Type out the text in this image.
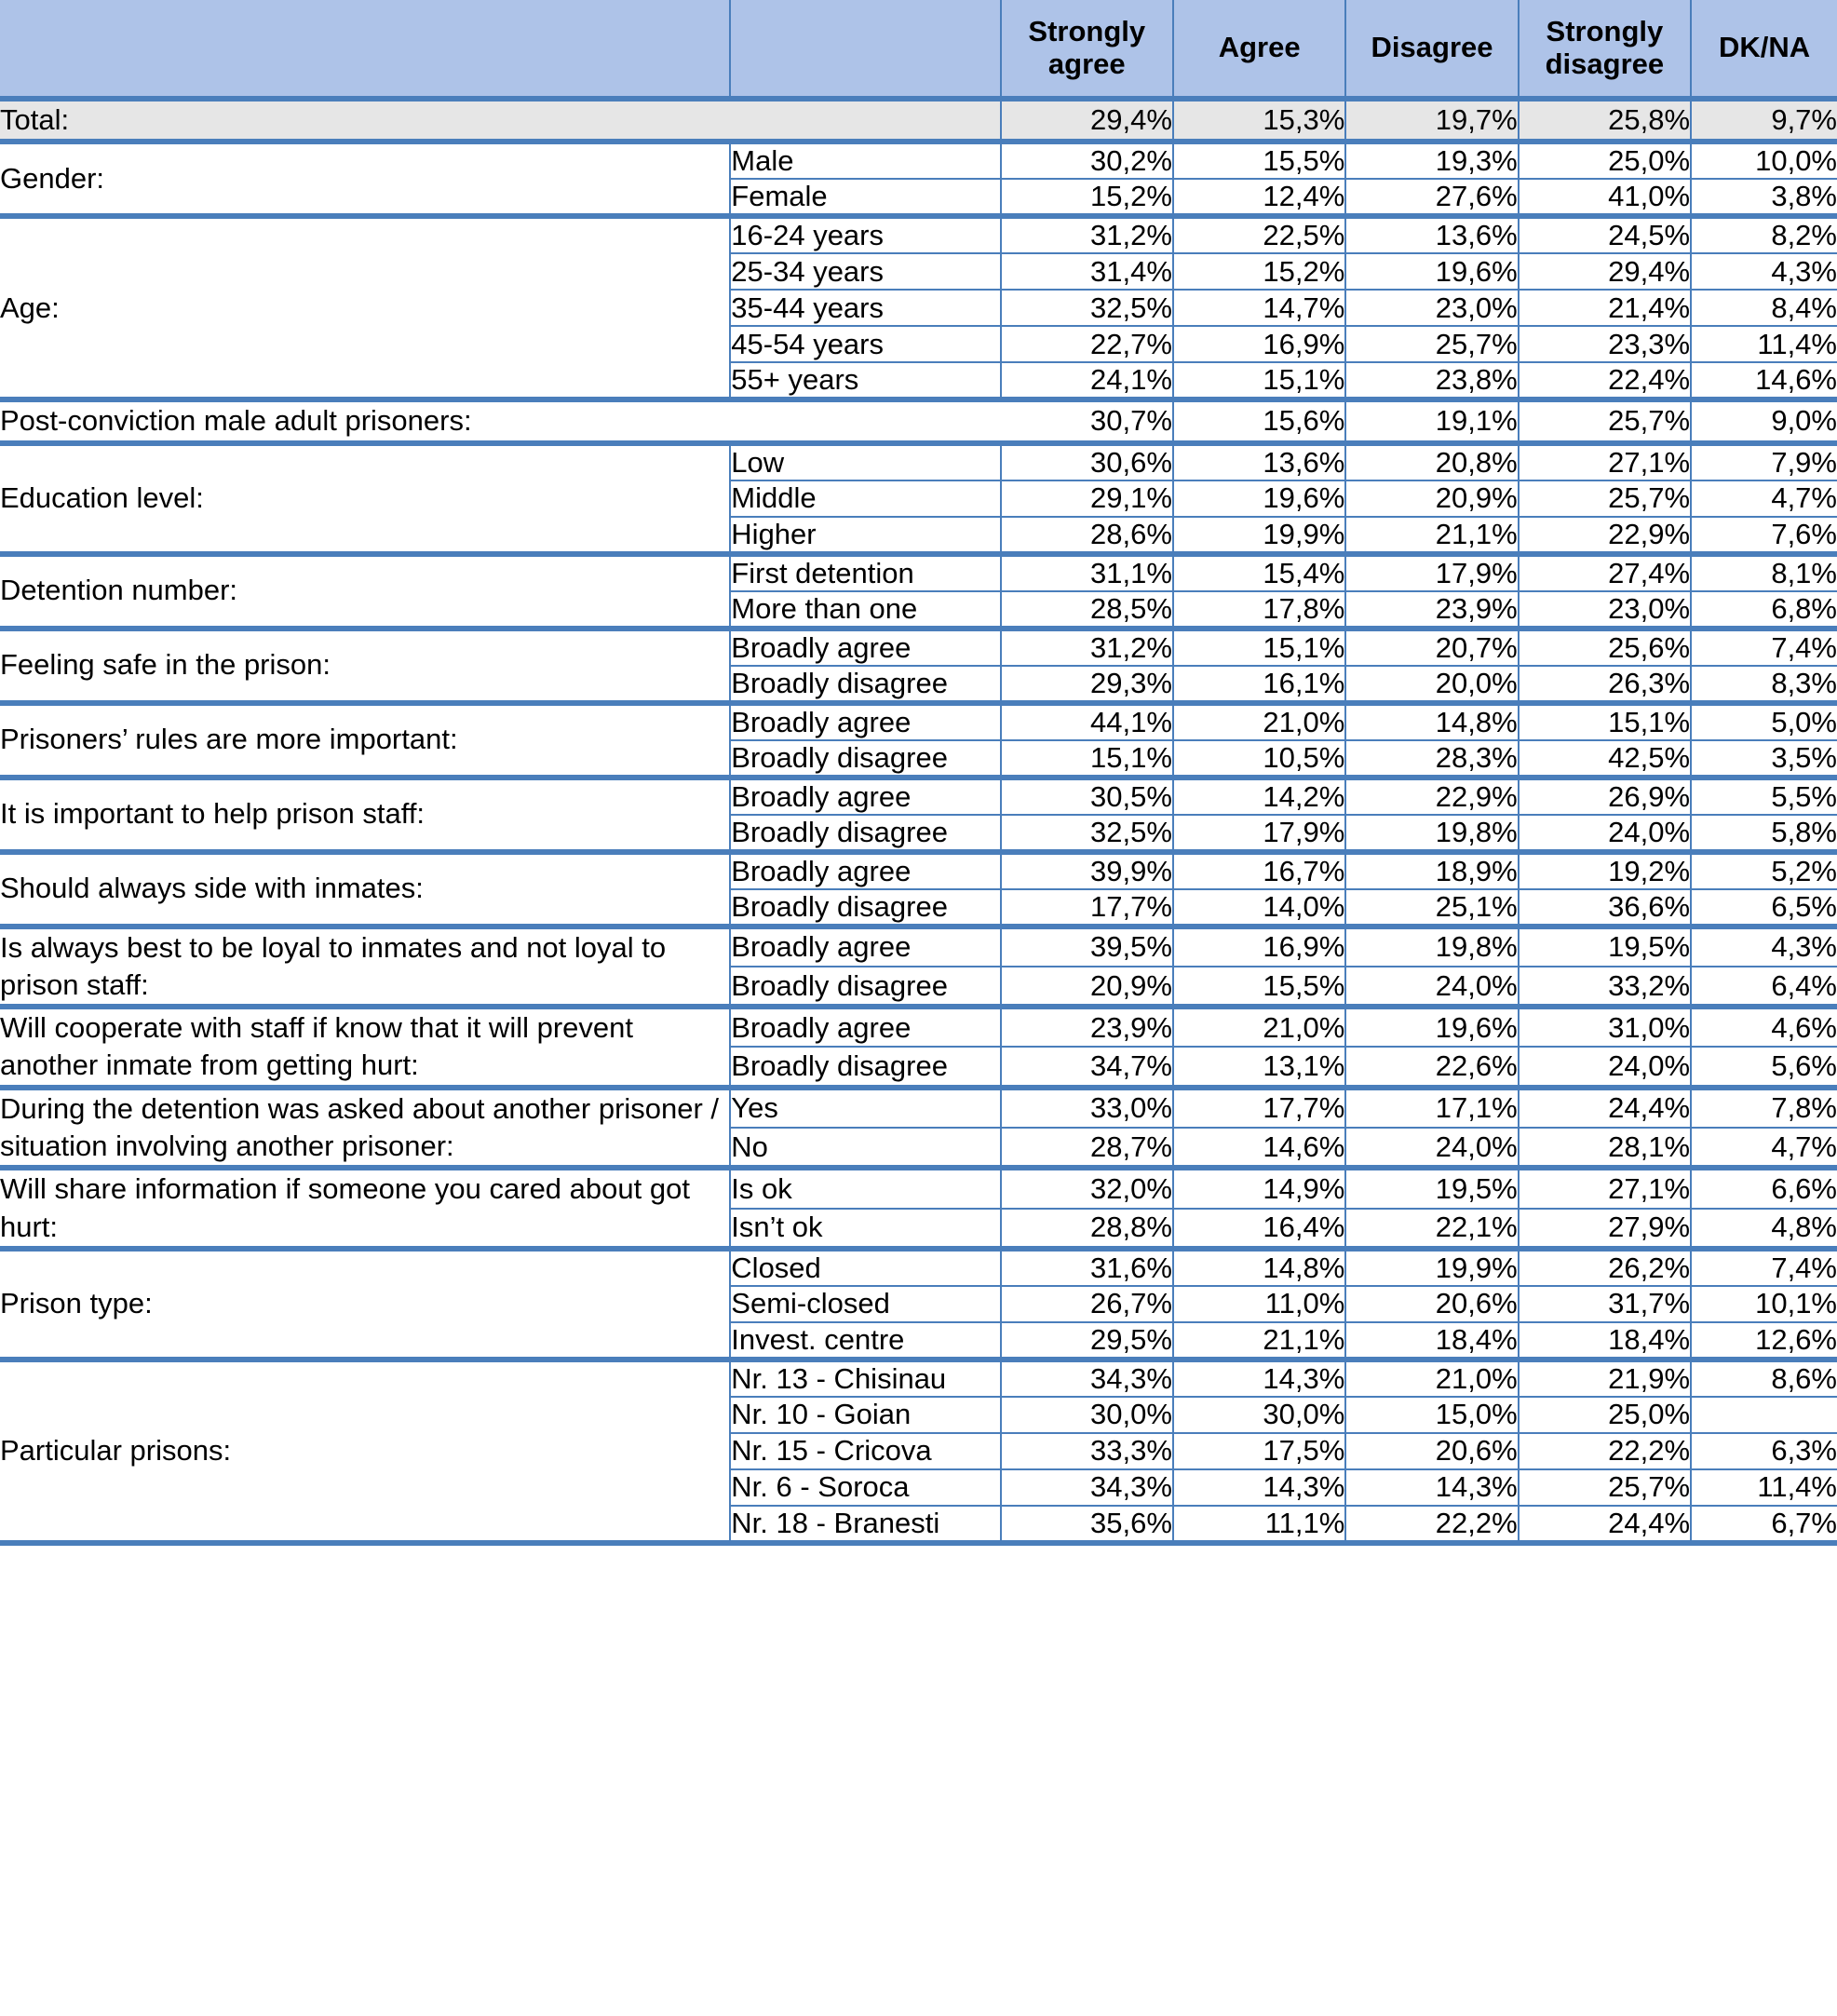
		Strongly agree	Agree	Disagree	Strongly disagree	DK/NA
Total:		29,4%	15,3%	19,7%	25,8%	9,7%
Gender:	Male	30,2%	15,5%	19,3%	25,0%	10,0%
	Female	15,2%	12,4%	27,6%	41,0%	3,8%
Age:	16-24 years	31,2%	22,5%	13,6%	24,5%	8,2%
	25-34 years	31,4%	15,2%	19,6%	29,4%	4,3%
	35-44 years	32,5%	14,7%	23,0%	21,4%	8,4%
	45-54 years	22,7%	16,9%	25,7%	23,3%	11,4%
	55+ years	24,1%	15,1%	23,8%	22,4%	14,6%
Post-conviction male adult prisoners:		30,7%	15,6%	19,1%	25,7%	9,0%
Education level:	Low	30,6%	13,6%	20,8%	27,1%	7,9%
	Middle	29,1%	19,6%	20,9%	25,7%	4,7%
	Higher	28,6%	19,9%	21,1%	22,9%	7,6%
Detention number:	First detention	31,1%	15,4%	17,9%	27,4%	8,1%
	More than one	28,5%	17,8%	23,9%	23,0%	6,8%
Feeling safe in the prison:	Broadly agree	31,2%	15,1%	20,7%	25,6%	7,4%
	Broadly disagree	29,3%	16,1%	20,0%	26,3%	8,3%
Prisoners’ rules are more important:	Broadly agree	44,1%	21,0%	14,8%	15,1%	5,0%
	Broadly disagree	15,1%	10,5%	28,3%	42,5%	3,5%
It is important to help prison staff:	Broadly agree	30,5%	14,2%	22,9%	26,9%	5,5%
	Broadly disagree	32,5%	17,9%	19,8%	24,0%	5,8%
Should always side with inmates:	Broadly agree	39,9%	16,7%	18,9%	19,2%	5,2%
	Broadly disagree	17,7%	14,0%	25,1%	36,6%	6,5%
Is always best to be loyal to inmates and not loyal to prison staff:	Broadly agree	39,5%	16,9%	19,8%	19,5%	4,3%
	Broadly disagree	20,9%	15,5%	24,0%	33,2%	6,4%
Will cooperate with staff if know that it will prevent another inmate from getting hurt:	Broadly agree	23,9%	21,0%	19,6%	31,0%	4,6%
	Broadly disagree	34,7%	13,1%	22,6%	24,0%	5,6%
During the detention was asked about another prisoner / situation involving another prisoner:	Yes	33,0%	17,7%	17,1%	24,4%	7,8%
	No	28,7%	14,6%	24,0%	28,1%	4,7%
Will share information if someone you cared about got hurt:	Is ok	32,0%	14,9%	19,5%	27,1%	6,6%
	Isn’t ok	28,8%	16,4%	22,1%	27,9%	4,8%
Prison type:	Closed	31,6%	14,8%	19,9%	26,2%	7,4%
	Semi-closed	26,7%	11,0%	20,6%	31,7%	10,1%
	Invest. centre	29,5%	21,1%	18,4%	18,4%	12,6%
Particular prisons:	Nr. 13 - Chisinau	34,3%	14,3%	21,0%	21,9%	8,6%
	Nr. 10 - Goian	30,0%	30,0%	15,0%	25,0%	
	Nr. 15 - Cricova	33,3%	17,5%	20,6%	22,2%	6,3%
	Nr. 6 - Soroca	34,3%	14,3%	14,3%	25,7%	11,4%
	Nr. 18 - Branesti	35,6%	11,1%	22,2%	24,4%	6,7%
